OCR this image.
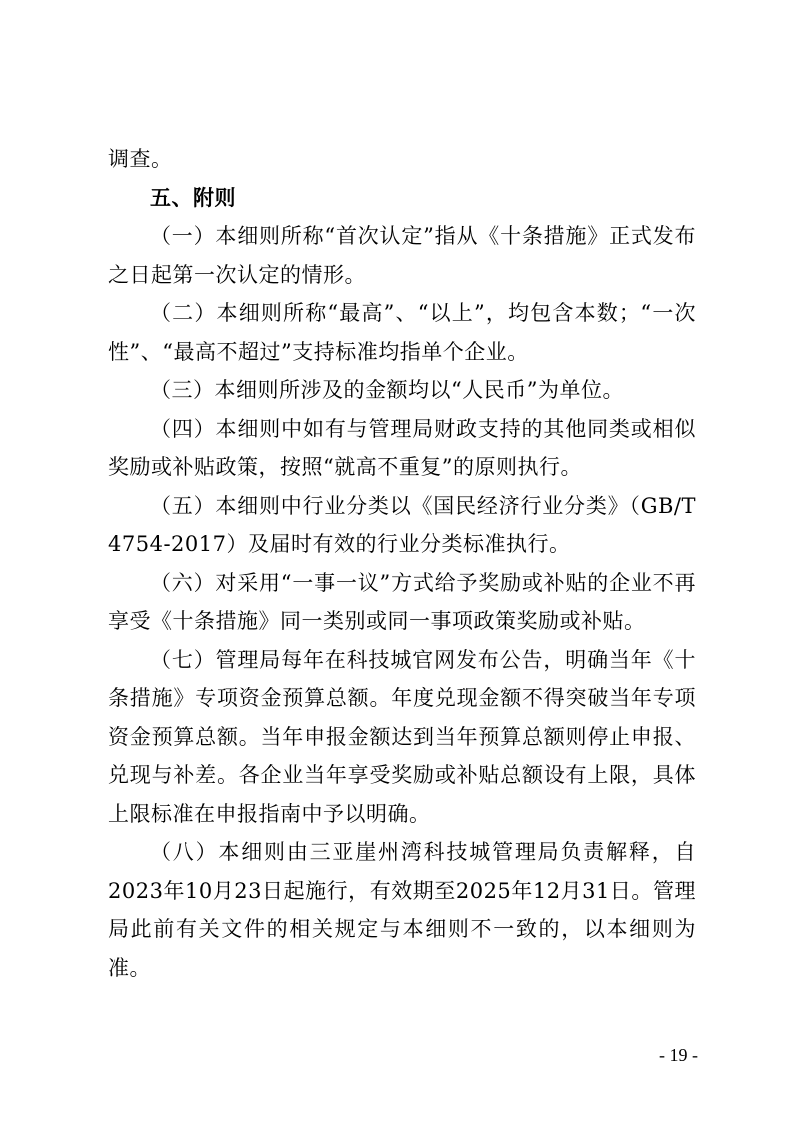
调查。

五、附则

（一）本细则所称“首次认定”指从《十条措施》正式发布之日起第一次认定的情形。

（二）本细则所称“最高”、“以上”，均包含本数；“一次性”、“最高不超过”支持标准均指单个企业。

（三）本细则所涉及的金额均以“人民币”为单位。

（四）本细则中如有与管理局财政支持的其他同类或相似奖励或补贴政策，按照“就高不重复”的原则执行。

（五）本细则中行业分类以《国民经济行业分类》（GB/T 4754-2017）及届时有效的行业分类标准执行。

（六）对采用“一事一议”方式给予奖励或补贴的企业不再享受《十条措施》同一类别或同一事项政策奖励或补贴。

（七）管理局每年在科技城官网发布公告，明确当年《十条措施》专项资金预算总额。年度兑现金额不得突破当年专项资金预算总额。当年申报金额达到当年预算总额则停止申报、兑现与补差。各企业当年享受奖励或补贴总额设有上限，具体上限标准在申报指南中予以明确。

（八）本细则由三亚崖州湾科技城管理局负责解释，自2023年10月23日起施行，有效期至2025年12月31日。管理局此前有关文件的相关规定与本细则不一致的，以本细则为准。

- 19 -
